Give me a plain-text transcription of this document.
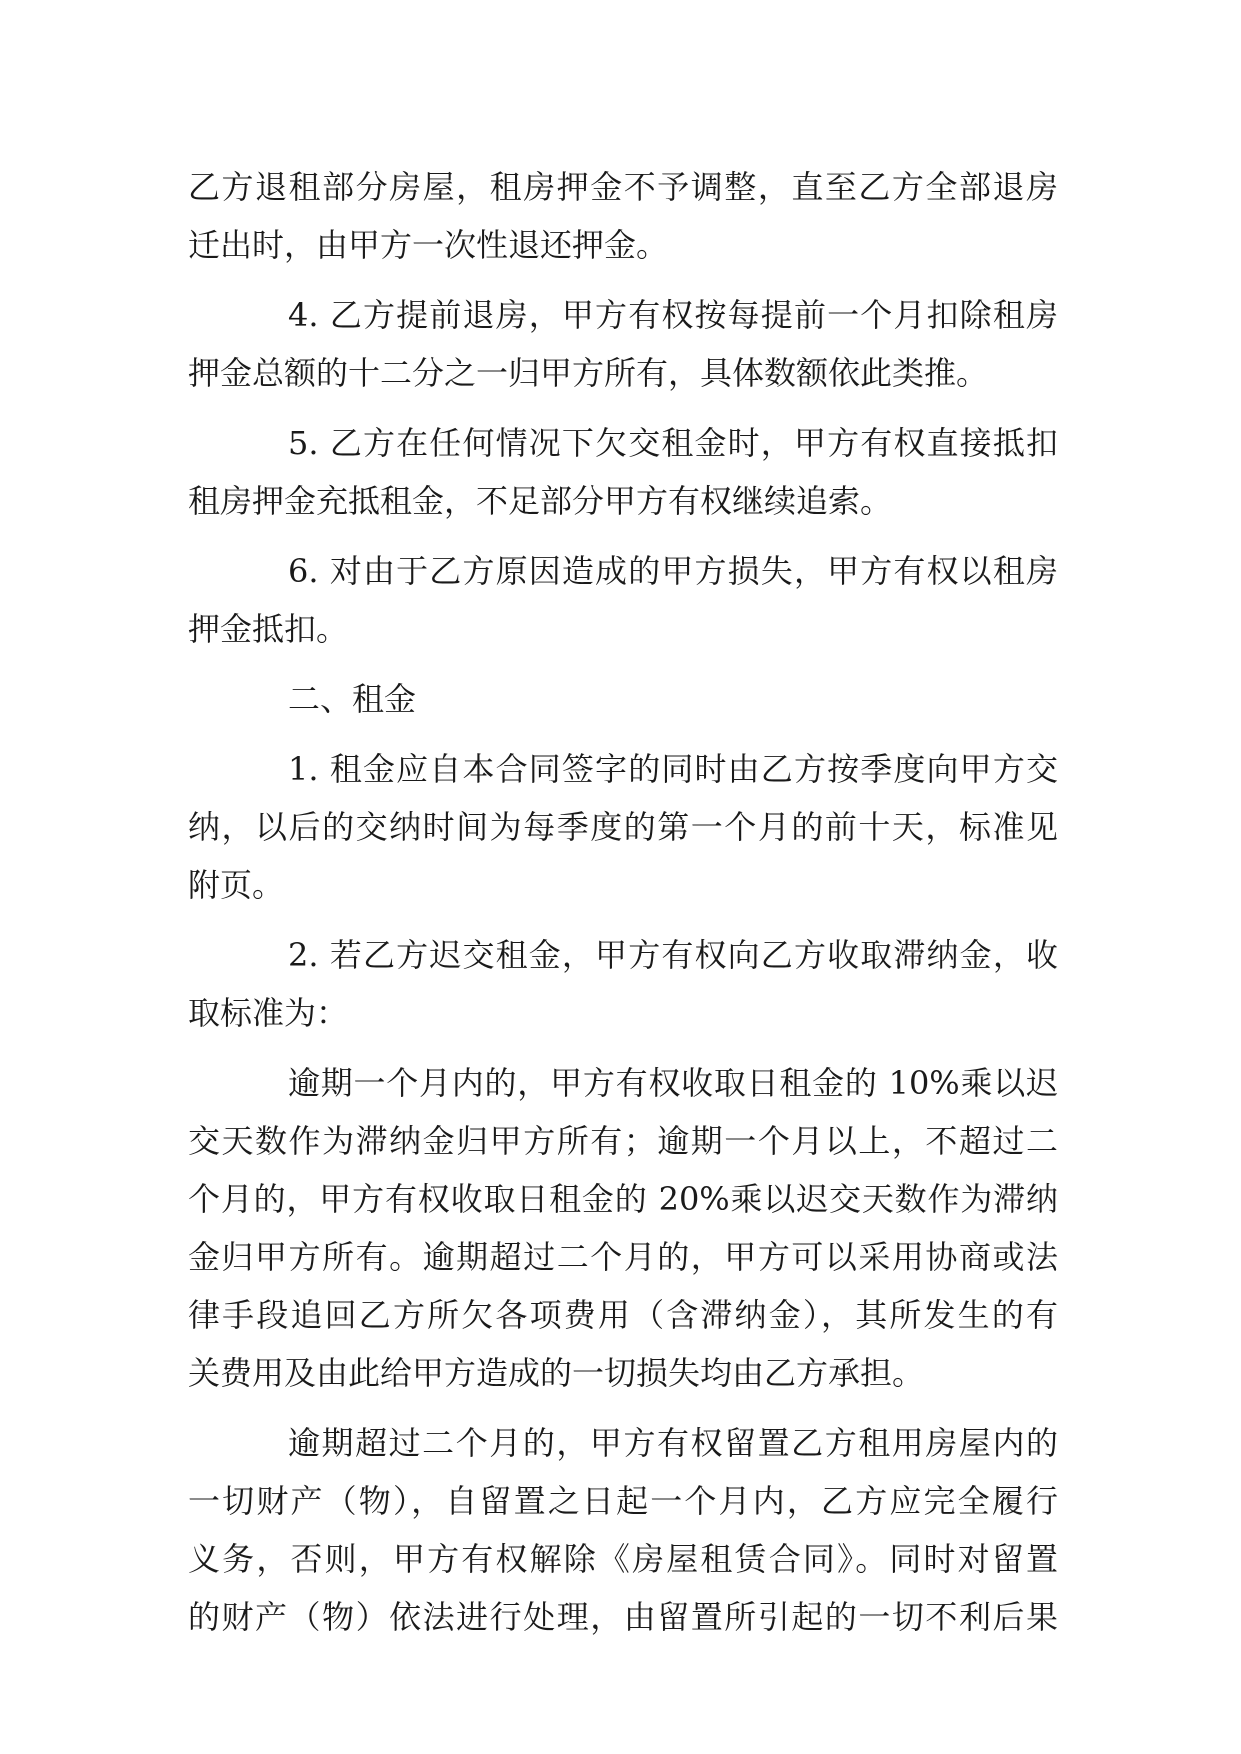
乙方退租部分房屋，租房押金不予调整，直至乙方全部退房
迁出时，由甲方一次性退还押金。
4. 乙方提前退房，甲方有权按每提前一个月扣除租房
押金总额的十二分之一归甲方所有，具体数额依此类推。
5. 乙方在任何情况下欠交租金时，甲方有权直接抵扣
租房押金充抵租金，不足部分甲方有权继续追索。
6. 对由于乙方原因造成的甲方损失，甲方有权以租房
押金抵扣。
二、租金
1. 租金应自本合同签字的同时由乙方按季度向甲方交
纳，以后的交纳时间为每季度的第一个月的前十天，标准见
附页。
2. 若乙方迟交租金，甲方有权向乙方收取滞纳金，收
取标准为：
逾期一个月内的，甲方有权收取日租金的 10%乘以迟
交天数作为滞纳金归甲方所有；逾期一个月以上，不超过二
个月的，甲方有权收取日租金的 20%乘以迟交天数作为滞纳
金归甲方所有。逾期超过二个月的，甲方可以采用协商或法
律手段追回乙方所欠各项费用（含滞纳金），其所发生的有
关费用及由此给甲方造成的一切损失均由乙方承担。
逾期超过二个月的，甲方有权留置乙方租用房屋内的
一切财产（物），自留置之日起一个月内，乙方应完全履行
义务，否则，甲方有权解除《房屋租赁合同》。同时对留置
的财产（物）依法进行处理，由留置所引起的一切不利后果
